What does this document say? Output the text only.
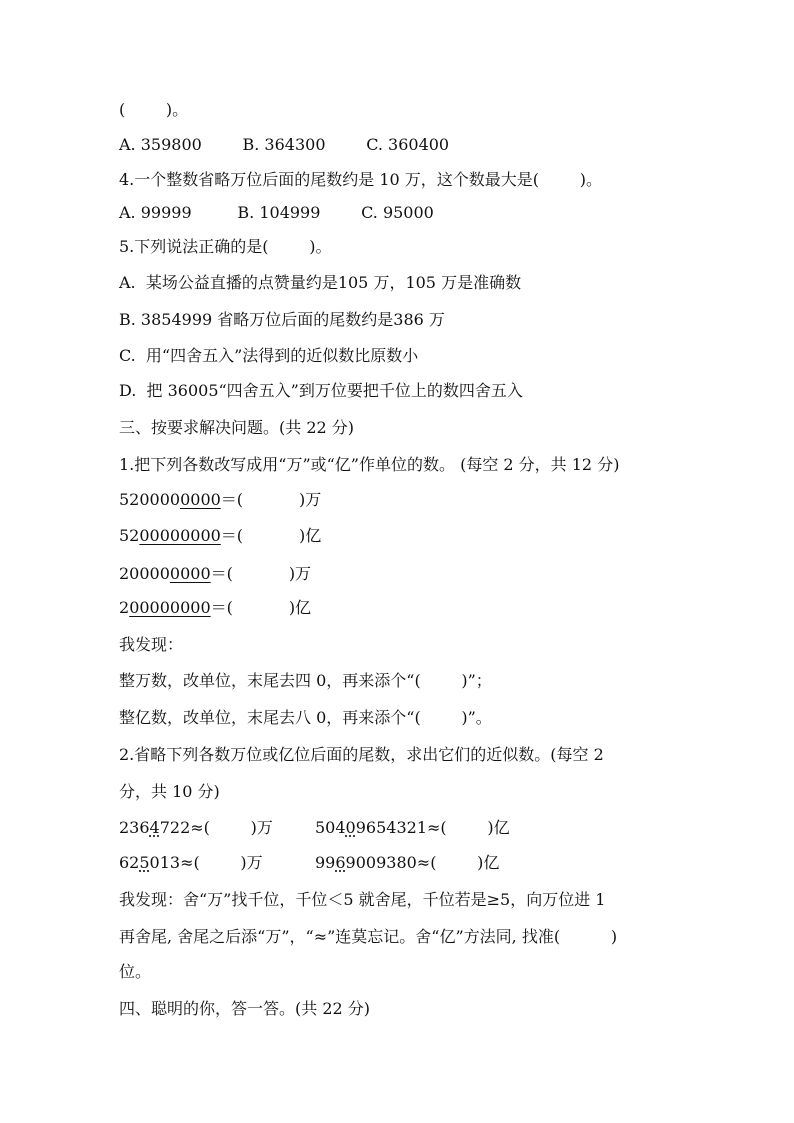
(        )。
A. 359800        B. 364300        C. 360400
4.一个整数省略万位后面的尾数约是 10 万，这个数最大是(        )。
A. 99999         B. 104999        C. 95000
5.下列说法正确的是(        )。
A.  某场公益直播的点赞量约是105 万，105 万是准确数
B. 3854999 省略万位后面的尾数约是386 万
C.  用“四舍五入”法得到的近似数比原数小
D.  把 36005“四舍五入”到万位要把千位上的数四舍五入
三、按要求解决问题。(共 22 分)
1.把下列各数改写成用“万”或“亿”作单位的数。 (每空 2 分，共 12 分)
5200000000＝(           )万
5200000000＝(           )亿
200000000＝(           )万
200000000＝(           )亿
我发现：
整万数，改单位，末尾去四 0，再来添个“(        )”；
整亿数，改单位，末尾去八 0，再来添个“(        )”。
2.省略下列各数万位或亿位后面的尾数，求出它们的近似数。(每空 2
分，共 10 分)
2364722≈(        )万	50409654321≈(        )亿
625013≈(        )万	9969009380≈(        )亿
我发现：舍“万”找千位，千位＜5 就舍尾，千位若是≥5，向万位进 1
再舍尾, 舍尾之后添“万”，“≈”连莫忘记。舍“亿”方法同, 找准(          )
位。
四、聪明的你，答一答。(共 22 分)
